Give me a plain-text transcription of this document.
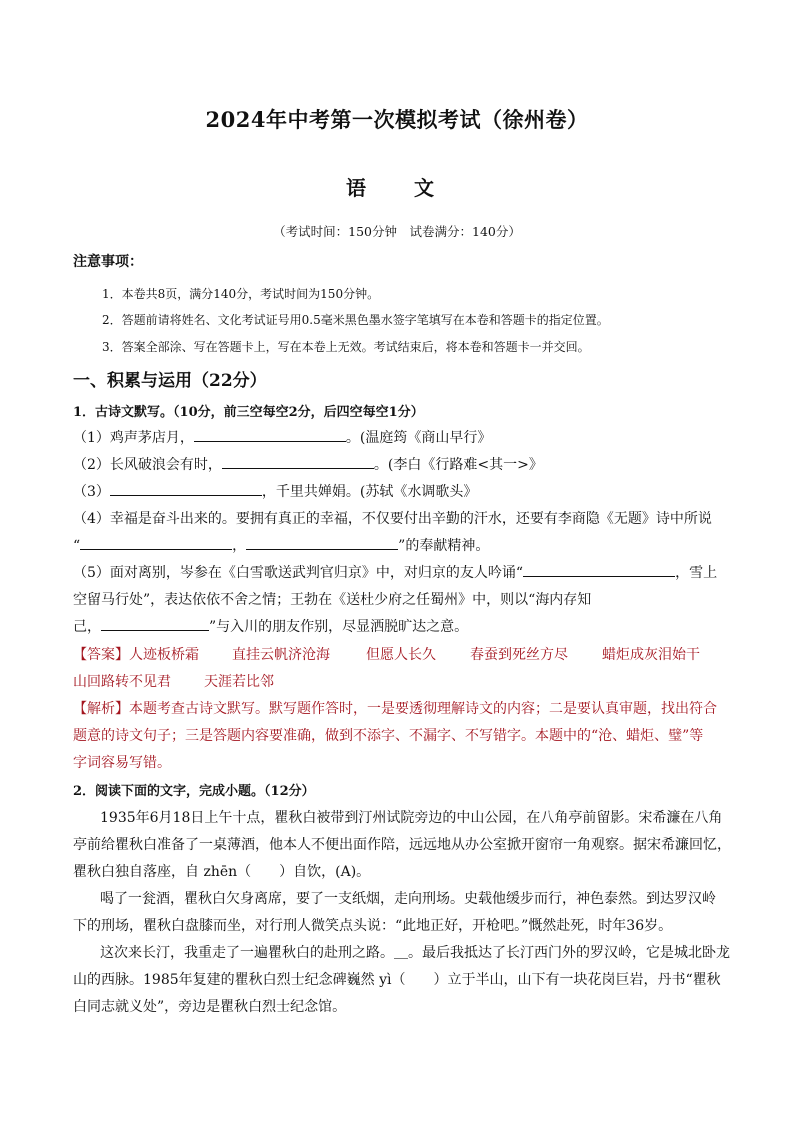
2024年中考第一次模拟考试（徐州卷）
语　文
（考试时间：150分钟　试卷满分：140分）
注意事项：
1．本卷共8页，满分140分，考试时间为150分钟。
2．答题前请将姓名、文化考试证号用0.5毫米黑色墨水签字笔填写在本卷和答题卡的指定位置。
3．答案全部涂、写在答题卡上，写在本卷上无效。考试结束后，将本卷和答题卡一并交回。
一、积累与运用（22分）
1．古诗文默写。（10分，前三空每空2分，后四空每空1分）
（1）鸡声茅店月，	。(温庭筠《商山早行》
（2）长风破浪会有时，	。(李白《行路难<其一>》
（3）	，千里共婵娟。(苏轼《水调歌头》
（4）幸福是奋斗出来的。要拥有真正的幸福，不仅要付出辛勤的汗水，还要有李商隐《无题》诗中所说
“	，	”的奉献精神。
（5）面对离别，岑参在《白雪歌送武判官归京》中，对归京的友人吟诵“	，雪上
空留马行处”，表达依依不舍之情；王勃在《送杜少府之任蜀州》中，则以“海内存知
己，	”与入川的朋友作别，尽显洒脱旷达之意。
【答案】 人迹板桥霜 直挂云帆济沧海	但愿人长久 春蚕到死丝方尽 蜡炬成灰泪始干
山回路转不见君 天涯若比邻
【解析】本题考查古诗文默写。默写题作答时，一是要透彻理解诗文的内容；二是要认真审题，找出符合
题意的诗文句子；三是答题内容要准确，做到不添字、不漏字、不写错字。本题中的“沧、蜡炬、璧”等
字词容易写错。
2．阅读下面的文字，完成小题。（12分）
1935年6月18日上午十点，瞿秋白被带到汀州试院旁边的中山公园，在八角亭前留影。宋希濂在八角
亭前给瞿秋白准备了一桌薄酒，他本人不便出面作陪，远远地从办公室掀开窗帘一角观察。据宋希濂回忆，
瞿秋白独自落座，自 zhēn（　　）自饮，(A)。
喝了一瓮酒，瞿秋白欠身离席，要了一支纸烟，走向刑场。史载他缓步而行，神色泰然。到达罗汉岭
下的刑场，瞿秋白盘膝而坐，对行刑人微笑点头说：“此地正好，开枪吧。”慨然赴死，时年36岁。
这次来长汀，我重走了一遍瞿秋白的赴刑之路。＿。最后我抵达了长汀西门外的罗汉岭，它是城北卧龙
山的西脉。1985年复建的瞿秋白烈士纪念碑巍然 yì（　　）立于半山，山下有一块花岗巨岩，丹书“瞿秋
白同志就义处”，旁边是瞿秋白烈士纪念馆。
